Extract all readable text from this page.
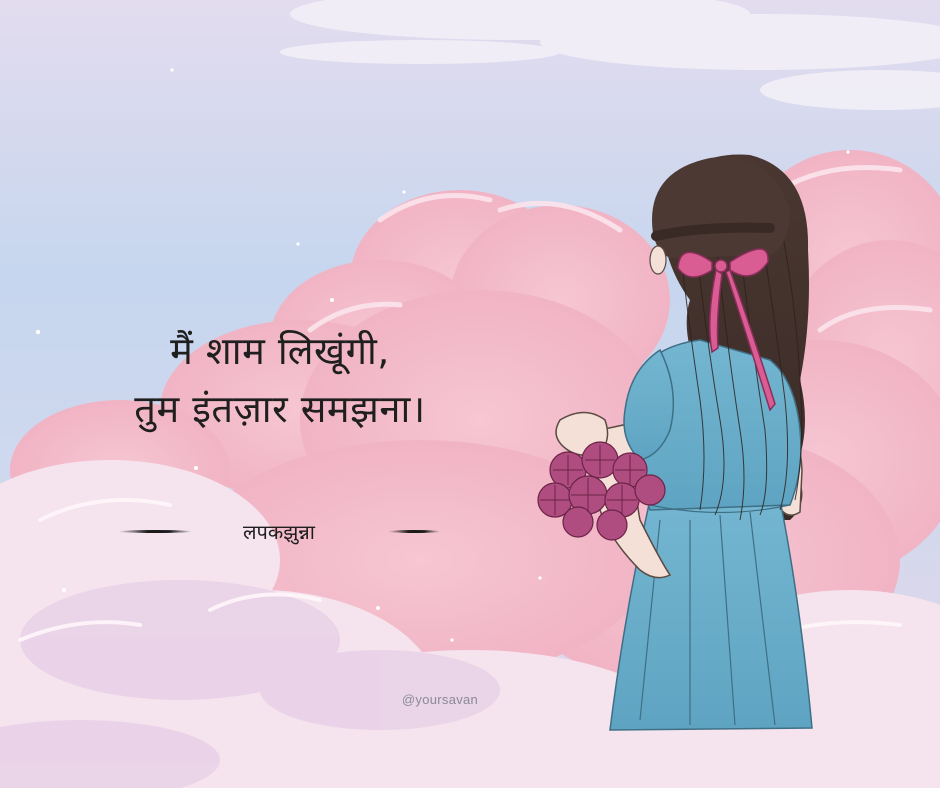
मैं शाम लिखूंगी,
तुम इंतज़ार समझना।
लपकझुन्ना
@yoursavan
